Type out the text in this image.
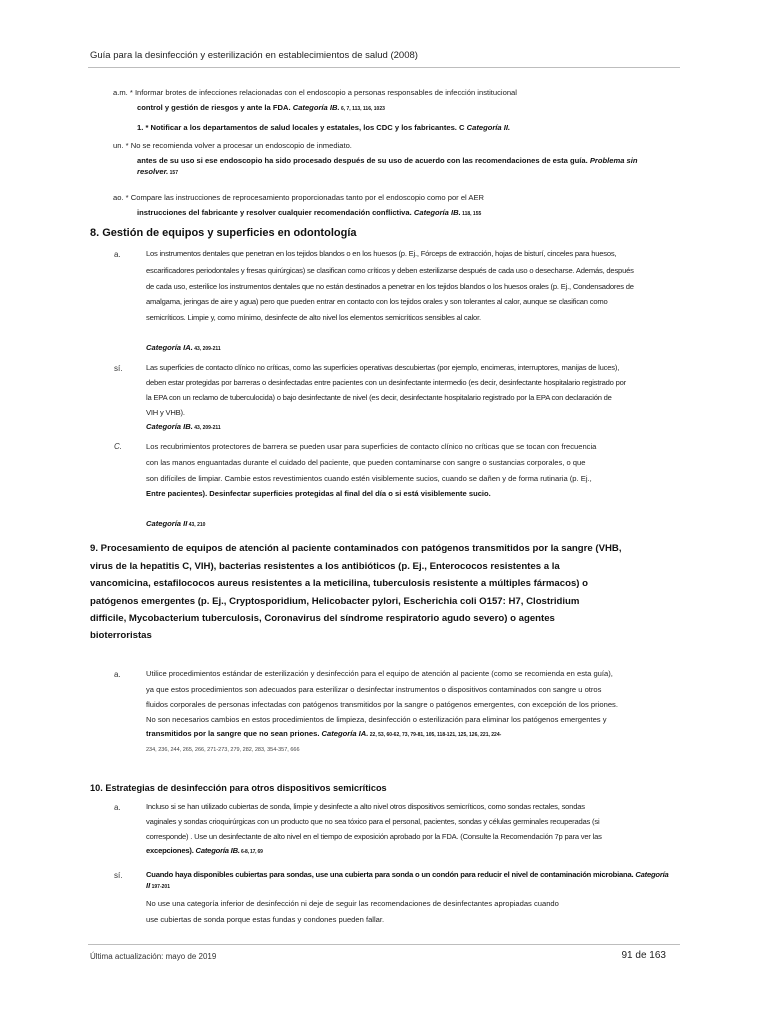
Guía para la desinfección y esterilización en establecimientos de salud (2008)
a.m. * Informar brotes de infecciones relacionadas con el endoscopio a personas responsables de infección institucional
control y gestión de riesgos y ante la FDA. Categoría IB. 6, 7, 113, 116, 1023
1. * Notificar a los departamentos de salud locales y estatales, los CDC y los fabricantes. C Categoría II.
un. * No se recomienda volver a procesar un endoscopio de inmediato.
antes de su uso si ese endoscopio ha sido procesado después de su uso de acuerdo con las recomendaciones de esta guía. Problema sin
resolver. 157
ao. * Compare las instrucciones de reprocesamiento proporcionadas tanto por el endoscopio como por el AER
instrucciones del fabricante y resolver cualquier recomendación conflictiva. Categoría IB. 118, 155
8. Gestión de equipos y superficies en odontología
a.	Los instrumentos dentales que penetran en los tejidos blandos o en los huesos (p. Ej., Fórceps de extracción, hojas de bisturí, cinceles para huesos,
escarificadores periodontales y fresas quirúrgicas) se clasifican como críticos y deben esterilizarse después de cada uso o desecharse. Además, después
de cada uso, esterilice los instrumentos dentales que no están destinados a penetrar en los tejidos blandos o los huesos orales (p. Ej., Condensadores de
amalgama, jeringas de aire y agua) pero que pueden entrar en contacto con los tejidos orales y son tolerantes al calor, aunque se clasifican como
semicríticos. Limpie y, como mínimo, desinfecte de alto nivel los elementos semicríticos sensibles al calor.
Categoría IA. 43, 209-211
sí.	Las superficies de contacto clínico no críticas, como las superficies operativas descubiertas (por ejemplo, encimeras, interruptores, manijas de luces),
deben estar protegidas por barreras o desinfectadas entre pacientes con un desinfectante intermedio (es decir, desinfectante hospitalario registrado por
la EPA con un reclamo de tuberculocida) o bajo desinfectante de nivel (es decir, desinfectante hospitalario registrado por la EPA con declaración de
VIH y VHB).
Categoría IB. 43, 209-211
C.	Los recubrimientos protectores de barrera se pueden usar para superficies de contacto clínico no críticas que se tocan con frecuencia
con las manos enguantadas durante el cuidado del paciente, que pueden contaminarse con sangre o sustancias corporales, o que
son difíciles de limpiar. Cambie estos revestimientos cuando estén visiblemente sucios, cuando se dañen y de forma rutinaria (p. Ej.,
Entre pacientes). Desinfectar superficies protegidas al final del día o si está visiblemente sucio.
Categoría II 43, 210
9. Procesamiento de equipos de atención al paciente contaminados con patógenos transmitidos por la sangre (VHB,
virus de la hepatitis C, VIH), bacterias resistentes a los antibióticos (p. Ej., Enterococos resistentes a la
vancomicina, estafilococos aureus resistentes a la meticilina, tuberculosis resistente a múltiples fármacos) o
patógenos emergentes (p. Ej., Cryptosporidium, Helicobacter pylori, Escherichia coli O157: H7, Clostridium
difficile, Mycobacterium tuberculosis, Coronavirus del síndrome respiratorio agudo severo) o agentes
bioterroristas
a.	Utilice procedimientos estándar de esterilización y desinfección para el equipo de atención al paciente (como se recomienda en esta guía),
ya que estos procedimientos son adecuados para esterilizar o desinfectar instrumentos o dispositivos contaminados con sangre u otros
fluidos corporales de personas infectadas con patógenos transmitidos por la sangre o patógenos emergentes, con excepción de los priones.
No son necesarios cambios en estos procedimientos de limpieza, desinfección o esterilización para eliminar los patógenos emergentes y
transmitidos por la sangre que no sean priones. Categoría IA. 22, 53, 60-62, 73, 79-81, 105, 118-121, 125, 126, 221, 224-
234, 236, 244, 265, 266, 271-273, 279, 282, 283, 354-357, 666
10. Estrategias de desinfección para otros dispositivos semicríticos
a.	Incluso si se han utilizado cubiertas de sonda, limpie y desinfecte a alto nivel otros dispositivos semicríticos, como sondas rectales, sondas
vaginales y sondas crioquirúrgicas con un producto que no sea tóxico para el personal, pacientes, sondas y células germinales recuperadas (si
corresponde) . Use un desinfectante de alto nivel en el tiempo de exposición aprobado por la FDA. (Consulte la Recomendación 7p para ver las
excepciones). Categoría IB. 6-8, 17, 69
sí.	Cuando haya disponibles cubiertas para sondas, use una cubierta para sonda o un condón para reducir el nivel de contaminación microbiana. Categoría
II 197-201
No use una categoría inferior de desinfección ni deje de seguir las recomendaciones de desinfectantes apropiadas cuando
use cubiertas de sonda porque estas fundas y condones pueden fallar.
Última actualización: mayo de 2019	91 de 163
